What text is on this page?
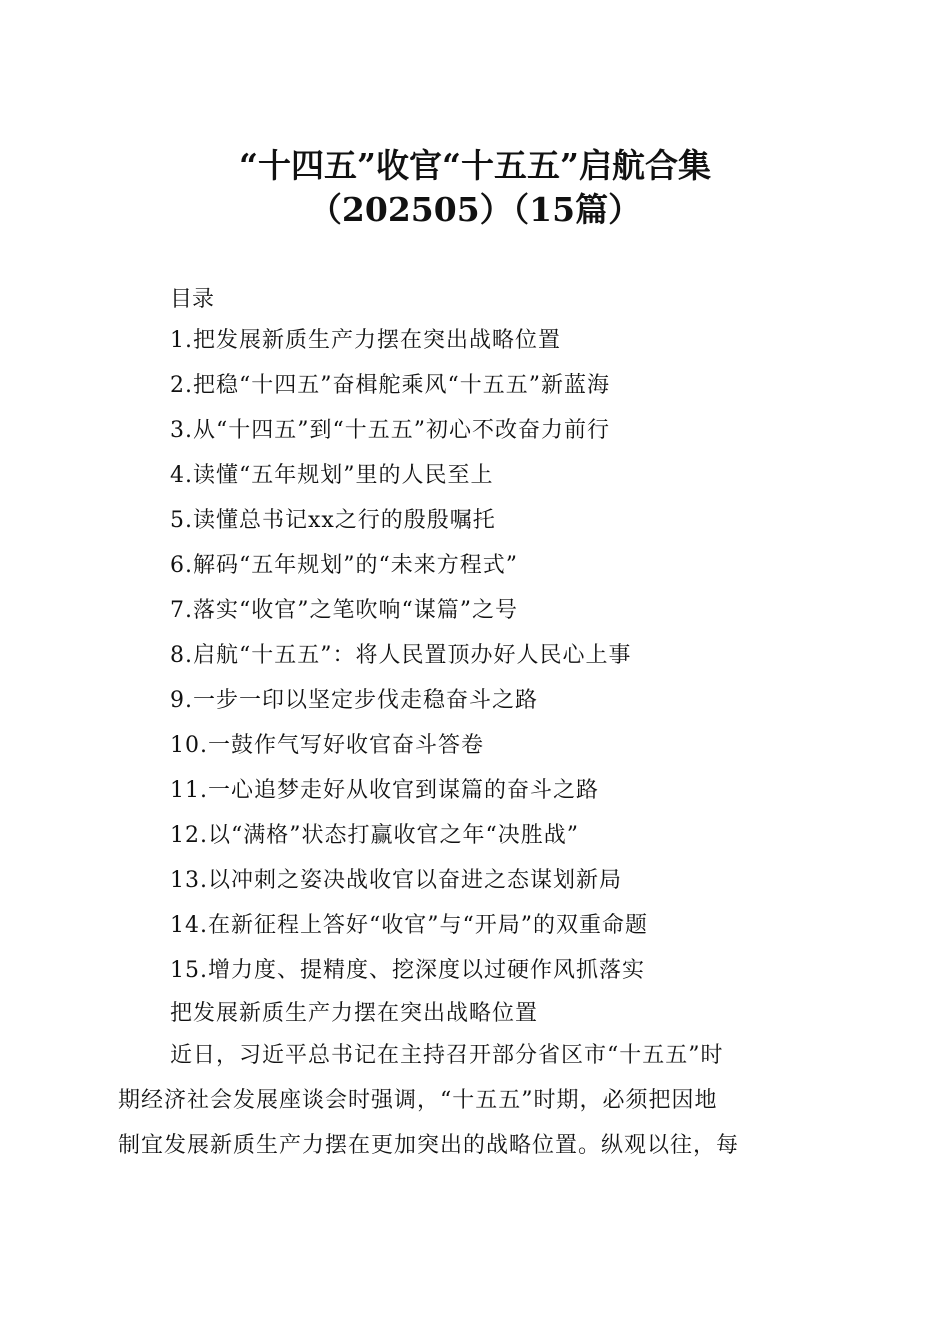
“十四五”收官“十五五”启航合集
（202505）（15篇）
目录
1.把发展新质生产力摆在突出战略位置
2.把稳“十四五”奋楫舵乘风“十五五”新蓝海
3.从“十四五”到“十五五”初心不改奋力前行
4.读懂“五年规划”里的人民至上
5.读懂总书记xx之行的殷殷嘱托
6.解码“五年规划”的“未来方程式”
7.落实“收官”之笔吹响“谋篇”之号
8.启航“十五五”：将人民置顶办好人民心上事
9.一步一印以坚定步伐走稳奋斗之路
10.一鼓作气写好收官奋斗答卷
11.一心追梦走好从收官到谋篇的奋斗之路
12.以“满格”状态打赢收官之年“决胜战”
13.以冲刺之姿决战收官以奋进之态谋划新局
14.在新征程上答好“收官”与“开局”的双重命题
15.增力度、提精度、挖深度以过硬作风抓落实
把发展新质生产力摆在突出战略位置
近日，习近平总书记在主持召开部分省区市“十五五”时
期经济社会发展座谈会时强调，“十五五”时期，必须把因地
制宜发展新质生产力摆在更加突出的战略位置。纵观以往，每
